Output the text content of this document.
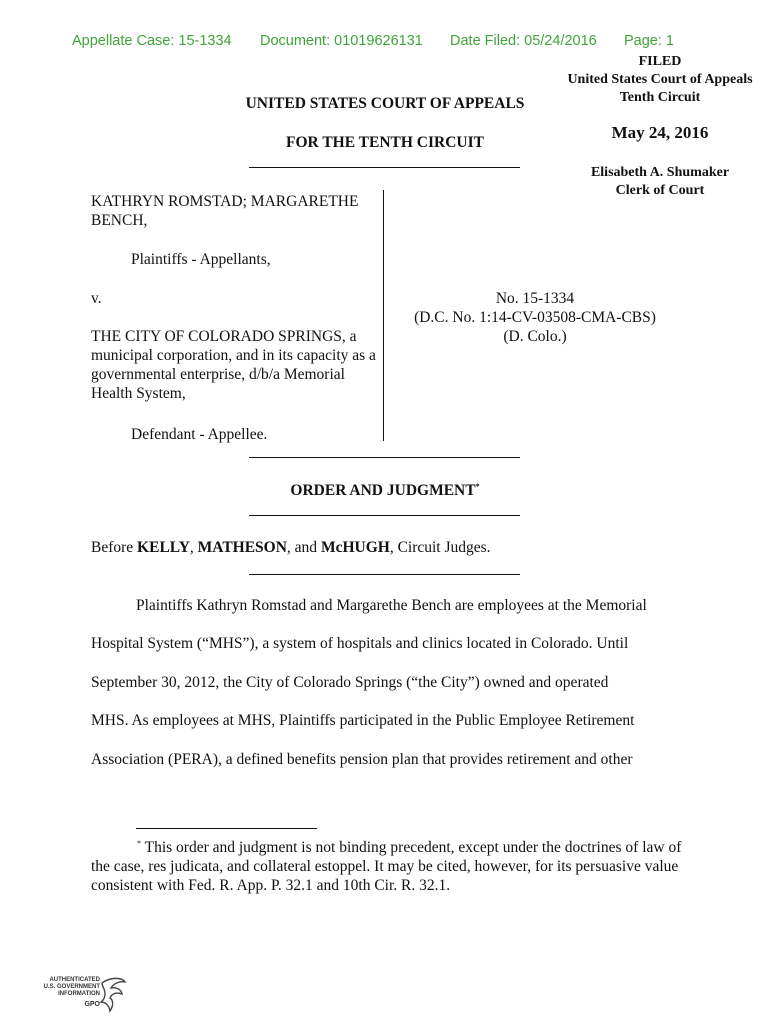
Appellate Case: 15-1334 Document: 01019626131 Date Filed: 05/24/2016 Page: 1
FILED
United States Court of Appeals
Tenth Circuit
May 24, 2016
Elisabeth A. Shumaker
Clerk of Court
UNITED STATES COURT OF APPEALS
FOR THE TENTH CIRCUIT
KATHRYN ROMSTAD; MARGARETHE BENCH,
Plaintiffs - Appellants,
v.
THE CITY OF COLORADO SPRINGS, a municipal corporation, and in its capacity as a governmental enterprise, d/b/a Memorial Health System,
Defendant - Appellee.
No. 15-1334
(D.C. No. 1:14-CV-03508-CMA-CBS)
(D. Colo.)
ORDER AND JUDGMENT*
Before KELLY, MATHESON, and McHUGH, Circuit Judges.
Plaintiffs Kathryn Romstad and Margarethe Bench are employees at the Memorial
Hospital System (“MHS”), a system of hospitals and clinics located in Colorado. Until
September 30, 2012, the City of Colorado Springs (“the City”) owned and operated
MHS. As employees at MHS, Plaintiffs participated in the Public Employee Retirement
Association (PERA), a defined benefits pension plan that provides retirement and other
* This order and judgment is not binding precedent, except under the doctrines of law of the case, res judicata, and collateral estoppel. It may be cited, however, for its persuasive value consistent with Fed. R. App. P. 32.1 and 10th Cir. R. 32.1.
AUTHENTICATED
U.S. GOVERNMENT
INFORMATION
GPO
